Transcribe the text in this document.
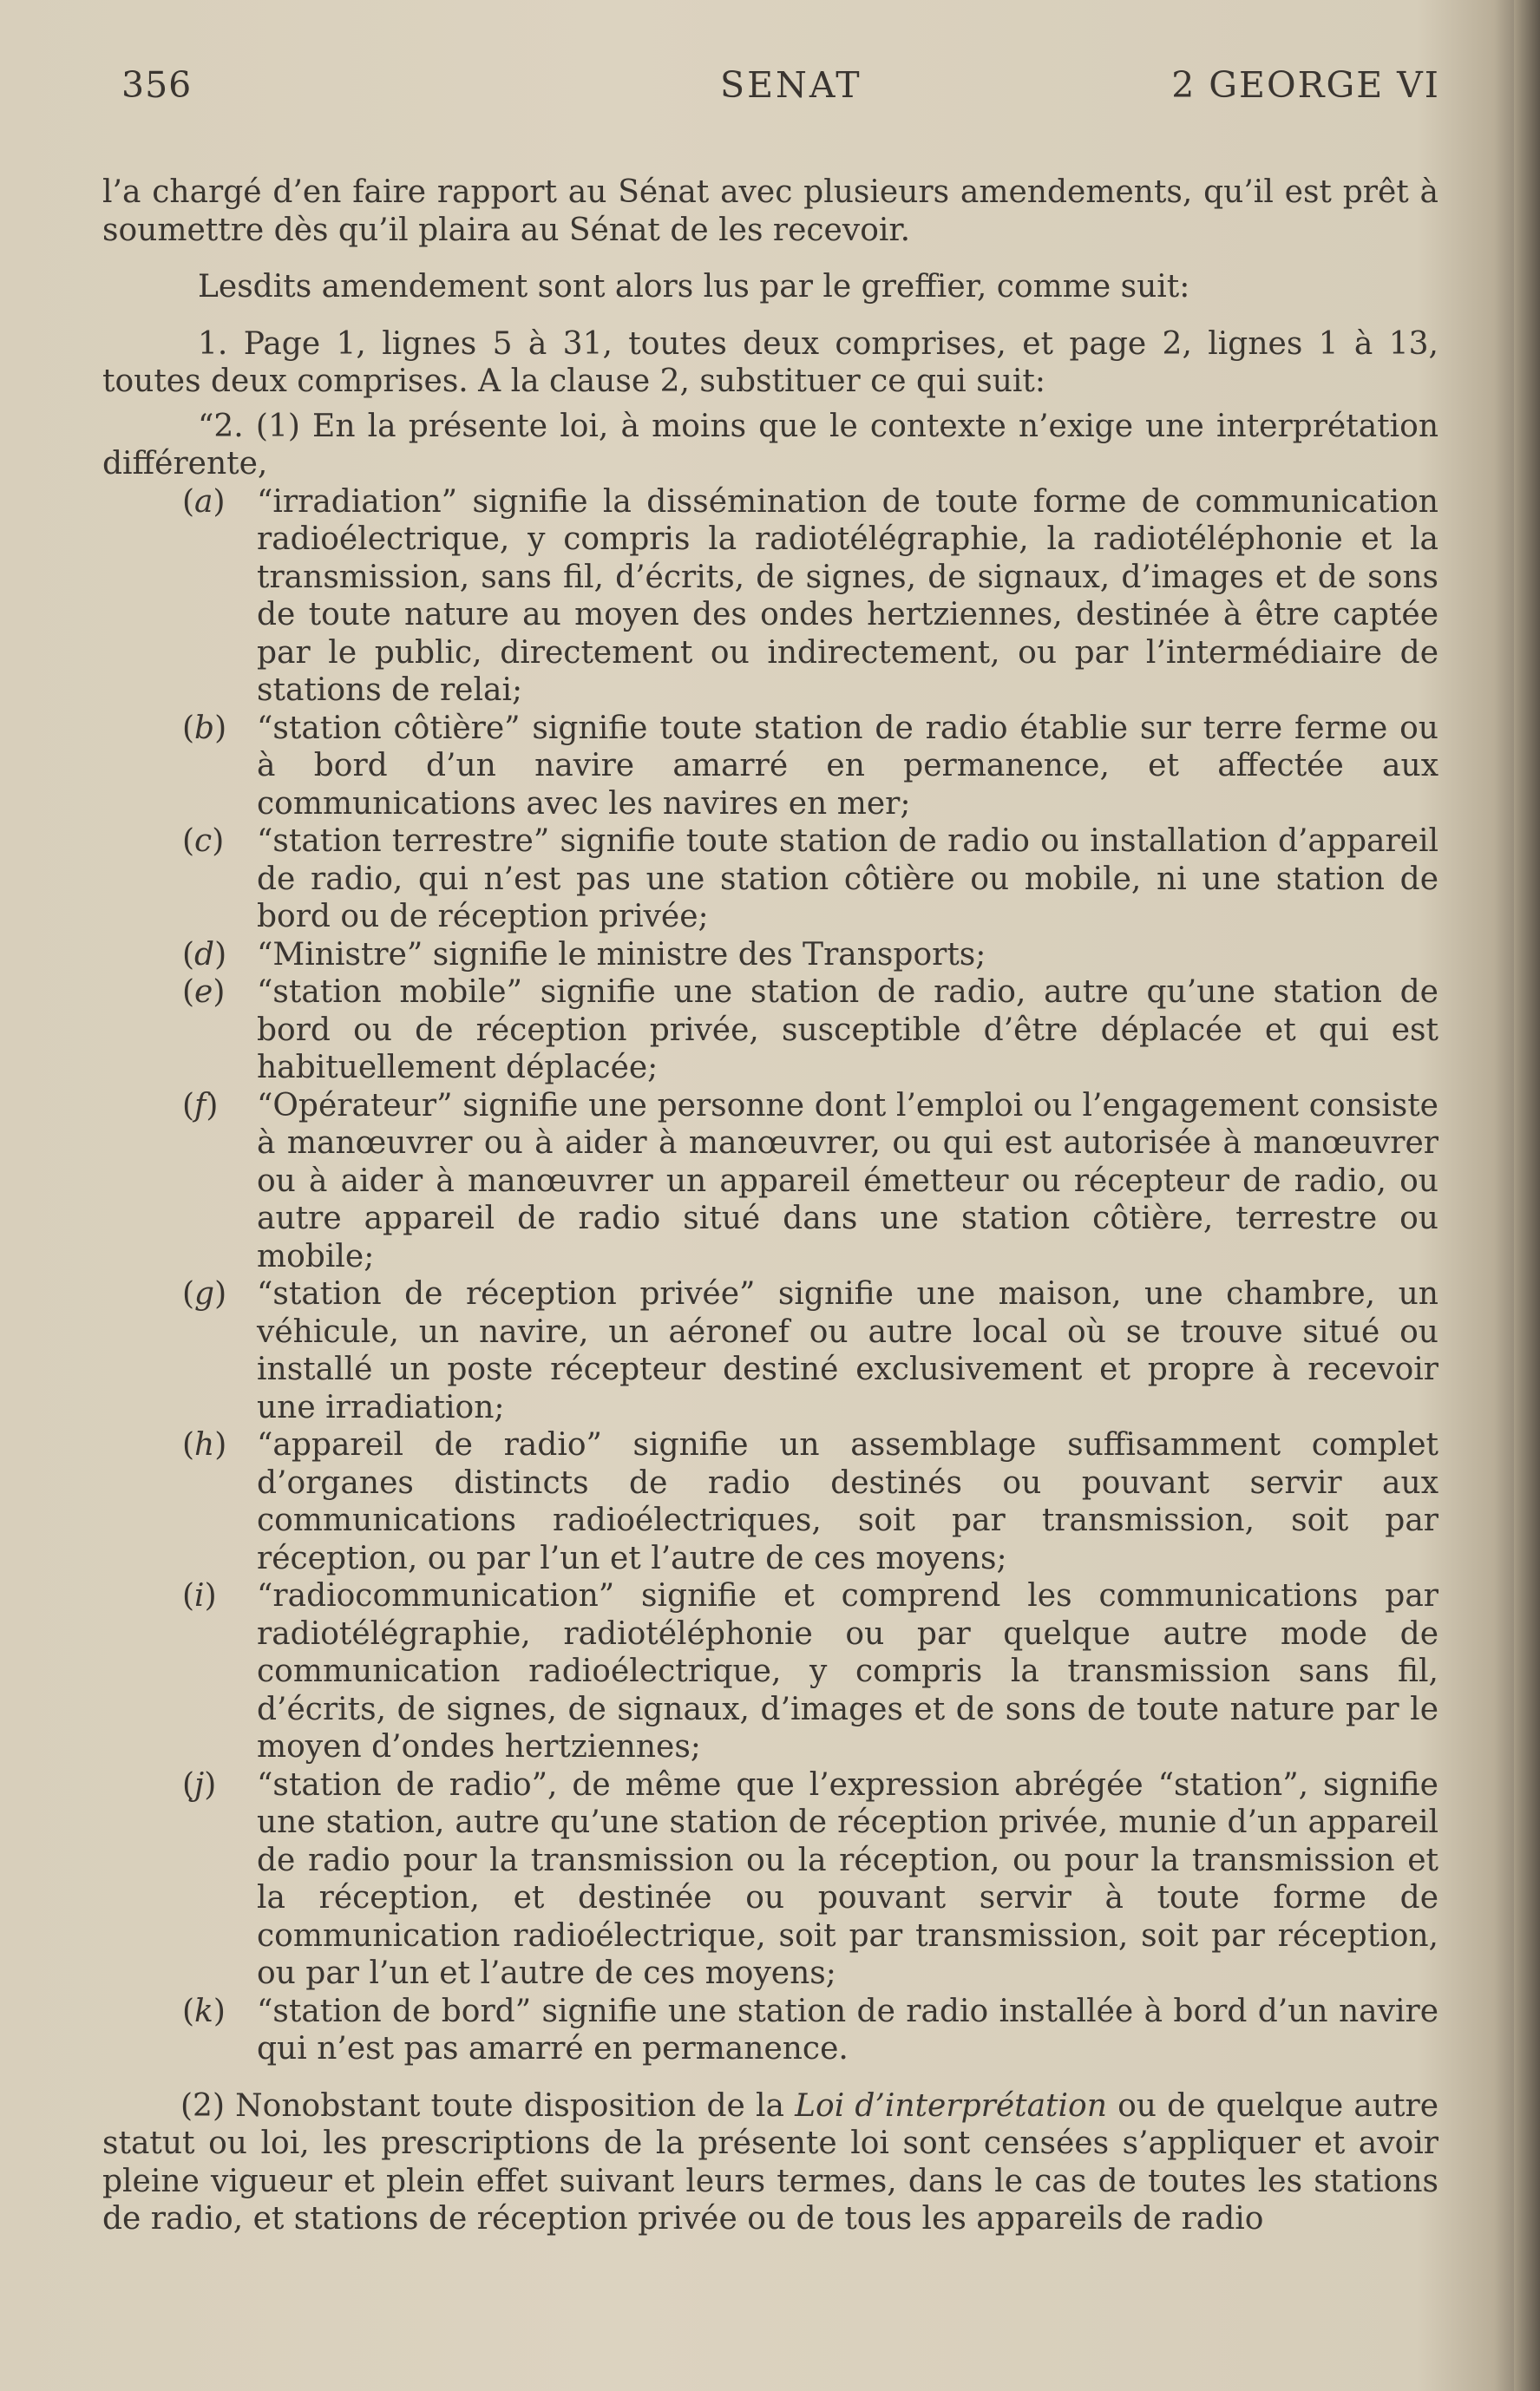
356	SENAT	2 GEORGE VI

l’a chargé d’en faire rapport au Sénat avec plusieurs amendements, qu’il est prêt à soumettre dès qu’il plaira au Sénat de les recevoir.

Lesdits amendement sont alors lus par le greffier, comme suit:

1. Page 1, lignes 5 à 31, toutes deux comprises, et page 2, lignes 1 à 13, toutes deux comprises. A la clause 2, substituer ce qui suit:

“2. (1) En la présente loi, à moins que le contexte n’exige une interprétation différente,

(a)	“irradiation” signifie la dissémination de toute forme de communication radioélectrique, y compris la radiotélégraphie, la radiotéléphonie et la transmission, sans fil, d’écrits, de signes, de signaux, d’images et de sons de toute nature au moyen des ondes hertziennes, destinée à être captée par le public, directement ou indirectement, ou par l’intermédiaire de stations de relai;

(b) “station côtière” signifie toute station de radio établie sur terre ferme ou à bord d’un navire amarré en permanence, et affectée aux communications avec les navires en mer;

(c)	“station terrestre” signifie toute station de radio ou installation d’appareil de radio, qui n’est pas une station côtière ou mobile, ni une station de bord ou de réception privée;

(d) “Ministre” signifie le ministre des Transports;

(e)	“station mobile” signifie une station de radio, autre qu’une station de bord ou de réception privée, susceptible d’être déplacée et qui est habituellement déplacée;

(f)	“Opérateur” signifie une personne dont l’emploi ou l’engagement consiste à manœuvrer ou à aider à manœuvrer, ou qui est autorisée à manœuvrer ou à aider à manœuvrer un appareil émetteur ou récepteur de radio, ou autre appareil de radio situé dans une station côtière, terrestre ou mobile;

(g) “station de réception privée” signifie une maison, une chambre, un véhicule, un navire, un aéronef ou autre local où se trouve situé ou installé un poste récepteur destiné exclusivement et propre à recevoir une irradiation;

(h) “appareil de radio” signifie un assemblage suffisamment complet d’organes distincts de radio destinés ou pouvant servir aux communications radioélectriques, soit par transmission, soit par réception, ou par l’un et l’autre de ces moyens;

(i)	“radiocommunication” signifie et comprend les communications par radiotélégraphie, radiotéléphonie ou par quelque autre mode de communication radioélectrique, y compris la transmission sans fil, d’écrits, de signes, de signaux, d’images et de sons de toute nature par le moyen d’ondes hertziennes;

(j)	“station de radio”, de même que l’expression abrégée “station”, signifie une station, autre qu’une station de réception privée, munie d’un appareil de radio pour la transmission ou la réception, ou pour la transmission et la réception, et destinée ou pouvant servir à toute forme de communication radioélectrique, soit par transmission, soit par réception, ou par l’un et l’autre de ces moyens;

(k)	“station de bord” signifie une station de radio installée à bord d’un navire qui n’est pas amarré en permanence.

(2) Nonobstant toute disposition de la Loi d’interprétation ou de quelque autre statut ou loi, les prescriptions de la présente loi sont censées s’appliquer et avoir pleine vigueur et plein effet suivant leurs termes, dans le cas de toutes les stations de radio, et stations de réception privée ou de tous les appareils de radio
